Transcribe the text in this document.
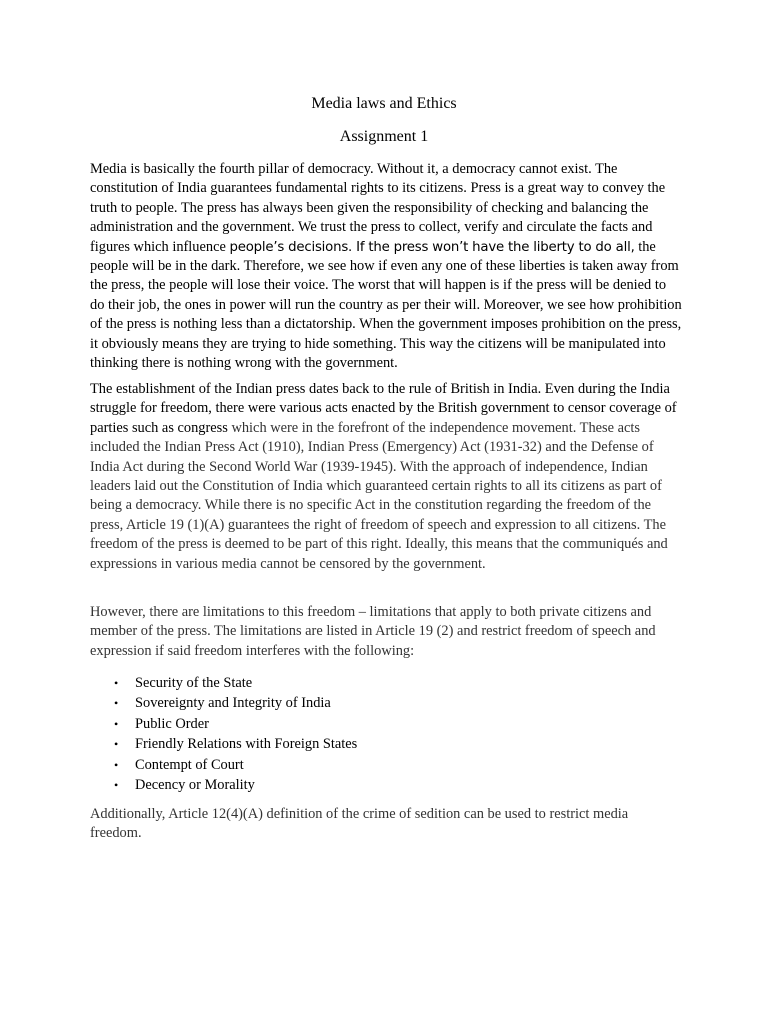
Media laws and Ethics
Assignment 1

Media is basically the fourth pillar of democracy. Without it, a democracy cannot exist. The constitution of India guarantees fundamental rights to its citizens. Press is a great way to convey the truth to people. The press has always been given the responsibility of checking and balancing the administration and the government. We trust the press to collect, verify and circulate the facts and figures which influence people’s decisions. If the press won’t have the liberty to do all, the people will be in the dark. Therefore, we see how if even any one of these liberties is taken away from the press, the people will lose their voice. The worst that will happen is if the press will be denied to do their job, the ones in power will run the country as per their will. Moreover, we see how prohibition of the press is nothing less than a dictatorship. When the government imposes prohibition on the press, it obviously means they are trying to hide something. This way the citizens will be manipulated into thinking there is nothing wrong with the government.

The establishment of the Indian press dates back to the rule of British in India. Even during the India struggle for freedom, there were various acts enacted by the British government to censor coverage of parties such as congress which were in the forefront of the independence movement. These acts included the Indian Press Act (1910), Indian Press (Emergency) Act (1931-32) and the Defense of India Act during the Second World War (1939-1945). With the approach of independence, Indian leaders laid out the Constitution of India which guaranteed certain rights to all its citizens as part of being a democracy. While there is no specific Act in the constitution regarding the freedom of the press, Article 19 (1)(A) guarantees the right of freedom of speech and expression to all citizens. The freedom of the press is deemed to be part of this right. Ideally, this means that the communiqués and expressions in various media cannot be censored by the government.

However, there are limitations to this freedom – limitations that apply to both private citizens and member of the press. The limitations are listed in Article 19 (2) and restrict freedom of speech and expression if said freedom interferes with the following:

• Security of the State
• Sovereignty and Integrity of India
• Public Order
• Friendly Relations with Foreign States
• Contempt of Court
• Decency or Morality

Additionally, Article 12(4)(A) definition of the crime of sedition can be used to restrict media freedom.
